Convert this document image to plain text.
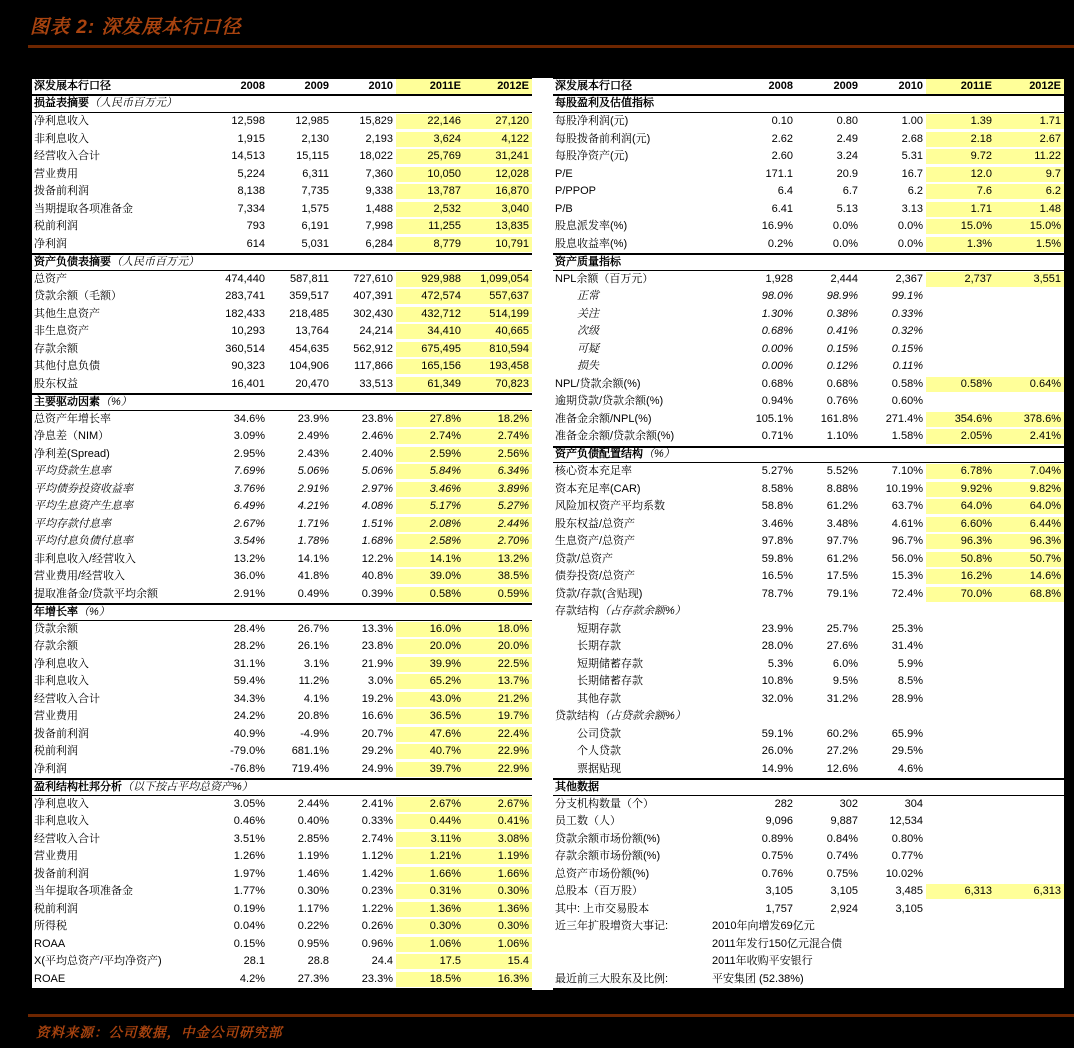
图表 2: 深发展本行口径
深发展本行口径	2008	2009	2010	2011E	2012E
损益表摘要（人民币百万元）
净利息收入	12,598	12,985	15,829	22,146	27,120
非利息收入	1,915	2,130	2,193	3,624	4,122
经营收入合计	14,513	15,115	18,022	25,769	31,241
营业费用	5,224	6,311	7,360	10,050	12,028
拨备前利润	8,138	7,735	9,338	13,787	16,870
当期提取各项准备金	7,334	1,575	1,488	2,532	3,040
税前利润	793	6,191	7,998	11,255	13,835
净利润	614	5,031	6,284	8,779	10,791
资产负债表摘要（人民币百万元）
总资产	474,440	587,811	727,610	929,988	1,099,054
贷款余额（毛额）	283,741	359,517	407,391	472,574	557,637
其他生息资产	182,433	218,485	302,430	432,712	514,199
非生息资产	10,293	13,764	24,214	34,410	40,665
存款余额	360,514	454,635	562,912	675,495	810,594
其他付息负债	90,323	104,906	117,866	165,156	193,458
股东权益	16,401	20,470	33,513	61,349	70,823
主要驱动因素（%）
总资产年增长率	34.6%	23.9%	23.8%	27.8%	18.2%
净息差（NIM）	3.09%	2.49%	2.46%	2.74%	2.74%
净利差(Spread)	2.95%	2.43%	2.40%	2.59%	2.56%
平均贷款生息率	7.69%	5.06%	5.06%	5.84%	6.34%
平均债券投资收益率	3.76%	2.91%	2.97%	3.46%	3.89%
平均生息资产生息率	6.49%	4.21%	4.08%	5.17%	5.27%
平均存款付息率	2.67%	1.71%	1.51%	2.08%	2.44%
平均付息负债付息率	3.54%	1.78%	1.68%	2.58%	2.70%
非利息收入/经营收入	13.2%	14.1%	12.2%	14.1%	13.2%
营业费用/经营收入	36.0%	41.8%	40.8%	39.0%	38.5%
提取准备金/贷款平均余额	2.91%	0.49%	0.39%	0.58%	0.59%
年增长率（%）
贷款余额	28.4%	26.7%	13.3%	16.0%	18.0%
存款余额	28.2%	26.1%	23.8%	20.0%	20.0%
净利息收入	31.1%	3.1%	21.9%	39.9%	22.5%
非利息收入	59.4%	11.2%	3.0%	65.2%	13.7%
经营收入合计	34.3%	4.1%	19.2%	43.0%	21.2%
营业费用	24.2%	20.8%	16.6%	36.5%	19.7%
拨备前利润	40.9%	-4.9%	20.7%	47.6%	22.4%
税前利润	-79.0%	681.1%	29.2%	40.7%	22.9%
净利润	-76.8%	719.4%	24.9%	39.7%	22.9%
盈利结构杜邦分析（以下按占平均总资产%）
净利息收入	3.05%	2.44%	2.41%	2.67%	2.67%
非利息收入	0.46%	0.40%	0.33%	0.44%	0.41%
经营收入合计	3.51%	2.85%	2.74%	3.11%	3.08%
营业费用	1.26%	1.19%	1.12%	1.21%	1.19%
拨备前利润	1.97%	1.46%	1.42%	1.66%	1.66%
当年提取各项准备金	1.77%	0.30%	0.23%	0.31%	0.30%
税前利润	0.19%	1.17%	1.22%	1.36%	1.36%
所得税	0.04%	0.22%	0.26%	0.30%	0.30%
ROAA	0.15%	0.95%	0.96%	1.06%	1.06%
X(平均总资产/平均净资产)	28.1	28.8	24.4	17.5	15.4
ROAE	4.2%	27.3%	23.3%	18.5%	16.3%
深发展本行口径	2008	2009	2010	2011E	2012E
每股盈利及估值指标
每股净利润(元)	0.10	0.80	1.00	1.39	1.71
每股拨备前利润(元)	2.62	2.49	2.68	2.18	2.67
每股净资产(元)	2.60	3.24	5.31	9.72	11.22
P/E	171.1	20.9	16.7	12.0	9.7
P/PPOP	6.4	6.7	6.2	7.6	6.2
P/B	6.41	5.13	3.13	1.71	1.48
股息派发率(%)	16.9%	0.0%	0.0%	15.0%	15.0%
股息收益率(%)	0.2%	0.0%	0.0%	1.3%	1.5%
资产质量指标
NPL余额（百万元）	1,928	2,444	2,367	2,737	3,551
正常	98.0%	98.9%	99.1%
关注	1.30%	0.38%	0.33%
次级	0.68%	0.41%	0.32%
可疑	0.00%	0.15%	0.15%
损失	0.00%	0.12%	0.11%
NPL/贷款余额(%)	0.68%	0.68%	0.58%	0.58%	0.64%
逾期贷款/贷款余额(%)	0.94%	0.76%	0.60%
准备金余额/NPL(%)	105.1%	161.8%	271.4%	354.6%	378.6%
准备金余额/贷款余额(%)	0.71%	1.10%	1.58%	2.05%	2.41%
资产负债配置结构（%）
核心资本充足率	5.27%	5.52%	7.10%	6.78%	7.04%
资本充足率(CAR)	8.58%	8.88%	10.19%	9.92%	9.82%
风险加权资产平均系数	58.8%	61.2%	63.7%	64.0%	64.0%
股东权益/总资产	3.46%	3.48%	4.61%	6.60%	6.44%
生息资产/总资产	97.8%	97.7%	96.7%	96.3%	96.3%
贷款/总资产	59.8%	61.2%	56.0%	50.8%	50.7%
债券投资/总资产	16.5%	17.5%	15.3%	16.2%	14.6%
贷款/存款(含贴现)	78.7%	79.1%	72.4%	70.0%	68.8%
存款结构（占存款余额%）
短期存款	23.9%	25.7%	25.3%
长期存款	28.0%	27.6%	31.4%
短期储蓄存款	5.3%	6.0%	5.9%
长期储蓄存款	10.8%	9.5%	8.5%
其他存款	32.0%	31.2%	28.9%
贷款结构（占贷款余额%）
公司贷款	59.1%	60.2%	65.9%
个人贷款	26.0%	27.2%	29.5%
票据贴现	14.9%	12.6%	4.6%
其他数据
分支机构数量（个）	282	302	304
员工数（人）	9,096	9,887	12,534
贷款余额市场份额(%)	0.89%	0.84%	0.80%
存款余额市场份额(%)	0.75%	0.74%	0.77%
总资产市场份额(%)	0.76%	0.75%	10.02%
总股本（百万股）	3,105	3,105	3,485	6,313	6,313
其中: 上市交易股本	1,757	2,924	3,105
近三年扩股增资大事记:	2010年向增发69亿元
2011年发行150亿元混合债
2011年收购平安银行
最近前三大股东及比例:	平安集团 (52.38%)
资料来源：公司数据，中金公司研究部
